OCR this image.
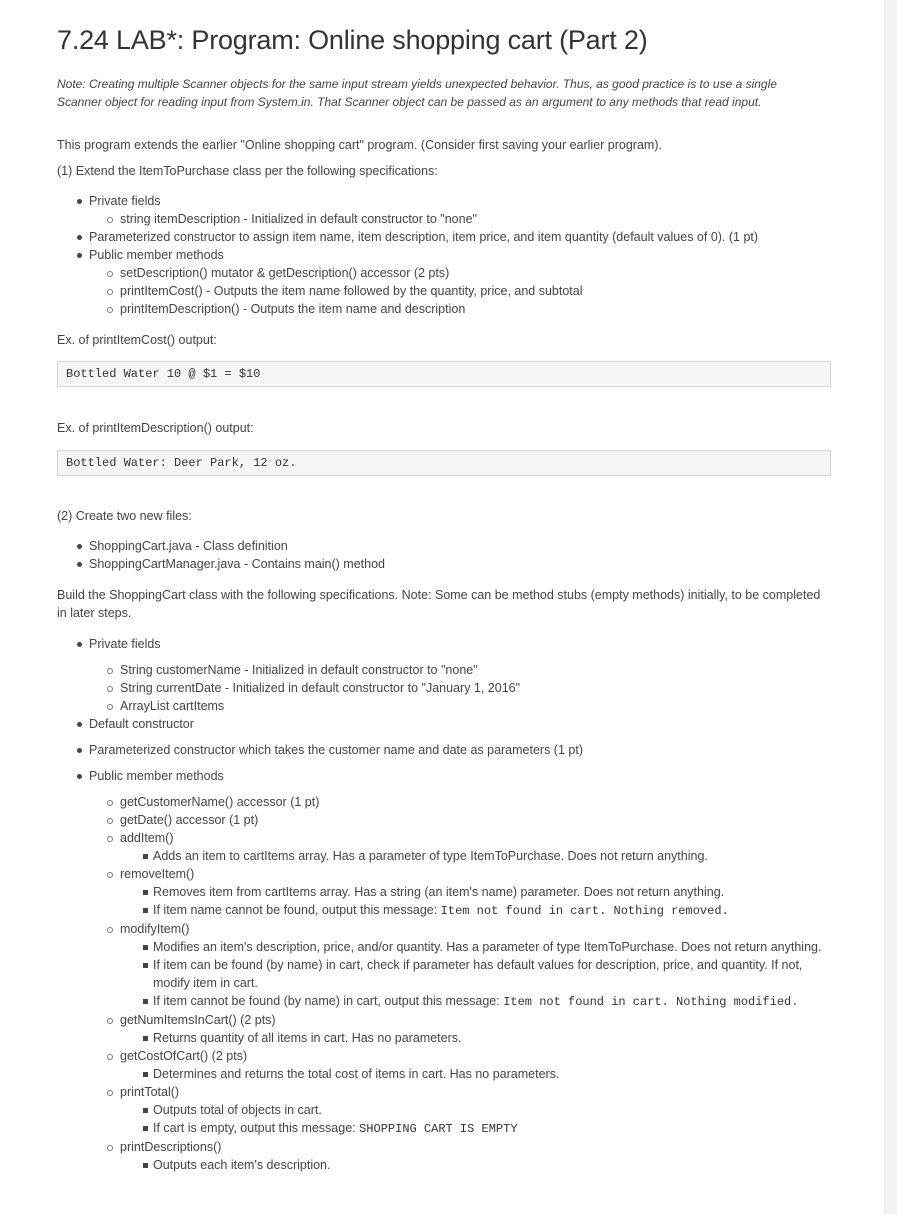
7.24 LAB*: Program: Online shopping cart (Part 2)

Note: Creating multiple Scanner objects for the same input stream yields unexpected behavior. Thus, as good practice is to use a single Scanner object for reading input from System.in. That Scanner object can be passed as an argument to any methods that read input.

This program extends the earlier "Online shopping cart" program. (Consider first saving your earlier program).

(1) Extend the ItemToPurchase class per the following specifications:

Private fields
string itemDescription - Initialized in default constructor to "none"
Parameterized constructor to assign item name, item description, item price, and item quantity (default values of 0). (1 pt)
Public member methods
setDescription() mutator & getDescription() accessor (2 pts)
printItemCost() - Outputs the item name followed by the quantity, price, and subtotal
printItemDescription() - Outputs the item name and description

Ex. of printItemCost() output:

Bottled Water 10 @ $1 = $10

Ex. of printItemDescription() output:

Bottled Water: Deer Park, 12 oz.

(2) Create two new files:

ShoppingCart.java - Class definition
ShoppingCartManager.java - Contains main() method

Build the ShoppingCart class with the following specifications. Note: Some can be method stubs (empty methods) initially, to be completed in later steps.

Private fields
String customerName - Initialized in default constructor to "none"
String currentDate - Initialized in default constructor to "January 1, 2016"
ArrayList cartItems
Default constructor
Parameterized constructor which takes the customer name and date as parameters (1 pt)
Public member methods
getCustomerName() accessor (1 pt)
getDate() accessor (1 pt)
addItem()
Adds an item to cartItems array. Has a parameter of type ItemToPurchase. Does not return anything.
removeItem()
Removes item from cartItems array. Has a string (an item's name) parameter. Does not return anything.
If item name cannot be found, output this message: Item not found in cart. Nothing removed.
modifyItem()
Modifies an item's description, price, and/or quantity. Has a parameter of type ItemToPurchase. Does not return anything.
If item can be found (by name) in cart, check if parameter has default values for description, price, and quantity. If not, modify item in cart.
If item cannot be found (by name) in cart, output this message: Item not found in cart. Nothing modified.
getNumItemsInCart() (2 pts)
Returns quantity of all items in cart. Has no parameters.
getCostOfCart() (2 pts)
Determines and returns the total cost of items in cart. Has no parameters.
printTotal()
Outputs total of objects in cart.
If cart is empty, output this message: SHOPPING CART IS EMPTY
printDescriptions()
Outputs each item's description.
